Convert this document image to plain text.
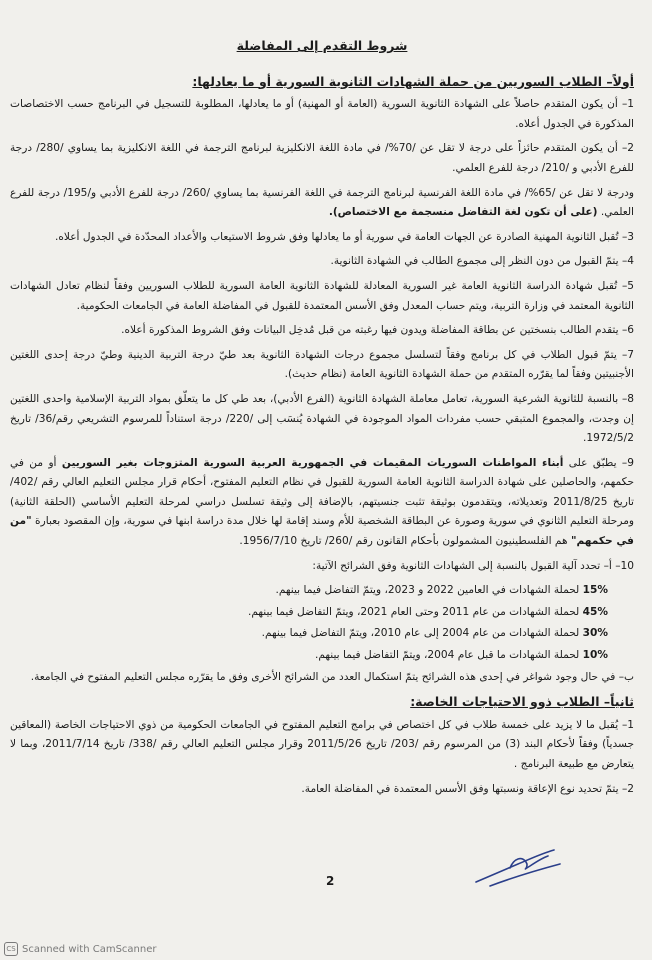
شروط التقدم إلى المفاضلة
أولاً– الطلاب السوريين من حملة الشهادات الثانوية السورية أو ما يعادلها:

1– أن يكون المتقدم حاصلاً على الشهادة الثانوية السورية (العامة أو المهنية) أو ما يعادلها، المطلوبة للتسجيل في البرنامج حسب الاختصاصات المذكورة في الجدول أعلاه.

2– أن يكون المتقدم حائزاً على درجة لا تقل عن /70%/ في مادة اللغة الانكليزية لبرنامج الترجمة في اللغة الانكليزية بما يساوي /280/ درجة للفرع الأدبي و /210/ درجة للفرع العلمي.

ودرجة لا تقل عن /65%/ في مادة اللغة الفرنسية لبرنامج الترجمة في اللغة الفرنسية بما يساوي /260/ درجة للفرع الأدبي و/195/ درجة للفرع العلمي. (على أن تكون لغة التفاضل منسجمة مع الاختصاص).

3– تُقبل الثانوية المهنية الصادرة عن الجهات العامة في سورية أو ما يعادلها وفق شروط الاستيعاب والأعداد المحدّدة في الجدول أعلاه.

4– يتمّ القبول من دون النظر إلى مجموع الطالب في الشهادة الثانوية.

5– تُقبل شهادة الدراسة الثانوية العامة غير السورية المعادلة للشهادة الثانوية العامة السورية للطلاب السوريين وفقاً لنظام تعادل الشهادات الثانوية المعتمد في وزارة التربية، ويتم حساب المعدل وفق الأسس المعتمدة للقبول في المفاضلة العامة في الجامعات الحكومية.

6– يتقدم الطالب بنسختين عن بطاقة المفاضلة ويدون فيها رغبته من قبل مُدخِل البيانات وفق الشروط المذكورة أعلاه.

7– يتمّ قبول الطلاب في كل برنامج وفقاً لتسلسل مجموع درجات الشهادة الثانوية بعد طيّ درجة التربية الدينية وطيّ درجة إحدى اللغتين الأجنبيتين وفقاً لما يقرّره المتقدم من حملة الشهادة الثانوية العامة (نظام حديث).

8– بالنسبة للثانوية الشرعية السورية، تعامل معاملة الشهادة الثانوية (الفرع الأدبي)، بعد طي كل ما يتعلّق بمواد التربية الإسلامية واحدى اللغتين إن وجدت، والمجموع المتبقي حسب مفردات المواد الموجودة في الشهادة يُنسَب إلى /220/ درجة استناداً للمرسوم التشريعي رقم/36/ تاريخ 1972/5/2.

9– يطبّق على أبناء المواطنات السوريات المقيمات في الجمهورية العربية السورية المتزوجات بغير السوريين أو من في حكمهم، والحاصلين على شهادة الدراسة الثانوية العامة السورية للقبول في نظام التعليم المفتوح، أحكام قرار مجلس التعليم العالي رقم /402/ تاريخ 2011/8/25 وتعديلاته، ويتقدمون بوثيقة تثبت جنسيتهم، بالإضافة إلى وثيقة تسلسل دراسي لمرحلة التعليم الأساسي (الحلقة الثانية) ومرحلة التعليم الثانوي في سورية وصورة عن البطاقة الشخصية للأم وسند إقامة لها خلال مدة دراسة ابنها في سورية، وإن المقصود بعبارة "من في حكمهم" هم الفلسطينيون المشمولون بأحكام القانون رقم /260/ تاريخ 1956/7/10.

10– أ– تحدد آلية القبول بالنسبة إلى الشهادات الثانوية وفق الشرائح الآتية:

15% لحملة الشهادات في العامين 2022 و 2023، ويتمّ التفاضل فيما بينهم.
45% لحملة الشهادات من عام 2011 وحتى العام 2021، ويتمّ التفاضل فيما بينهم.
30% لحملة الشهادات من عام 2004 إلى عام 2010، ويتمّ التفاضل فيما بينهم.
10% لحملة الشهادات ما قبل عام 2004، ويتمّ التفاضل فيما بينهم.

ب– في حال وجود شواغر في إحدى هذه الشرائح يتمّ استكمال العدد من الشرائح الأخرى وفق ما يقرّره مجلس التعليم المفتوح في الجامعة.

ثانياً– الطلاب ذوو الاحتياجات الخاصة:

1– يُقبل ما لا يزيد على خمسة طلاب في كل اختصاص في برامج التعليم المفتوح في الجامعات الحكومية من ذوي الاحتياجات الخاصة (المعاقين جسدياً) وفقاً لأحكام البند (3) من المرسوم رقم /203/ تاريخ 2011/5/26 وقرار مجلس التعليم العالي رقم /338/ تاريخ 2011/7/14، وبما لا يتعارض مع طبيعة البرنامج .

2– يتمّ تحديد نوع الإعاقة ونسبتها وفق الأسس المعتمدة في المفاضلة العامة.

2
CS Scanned with CamScanner
